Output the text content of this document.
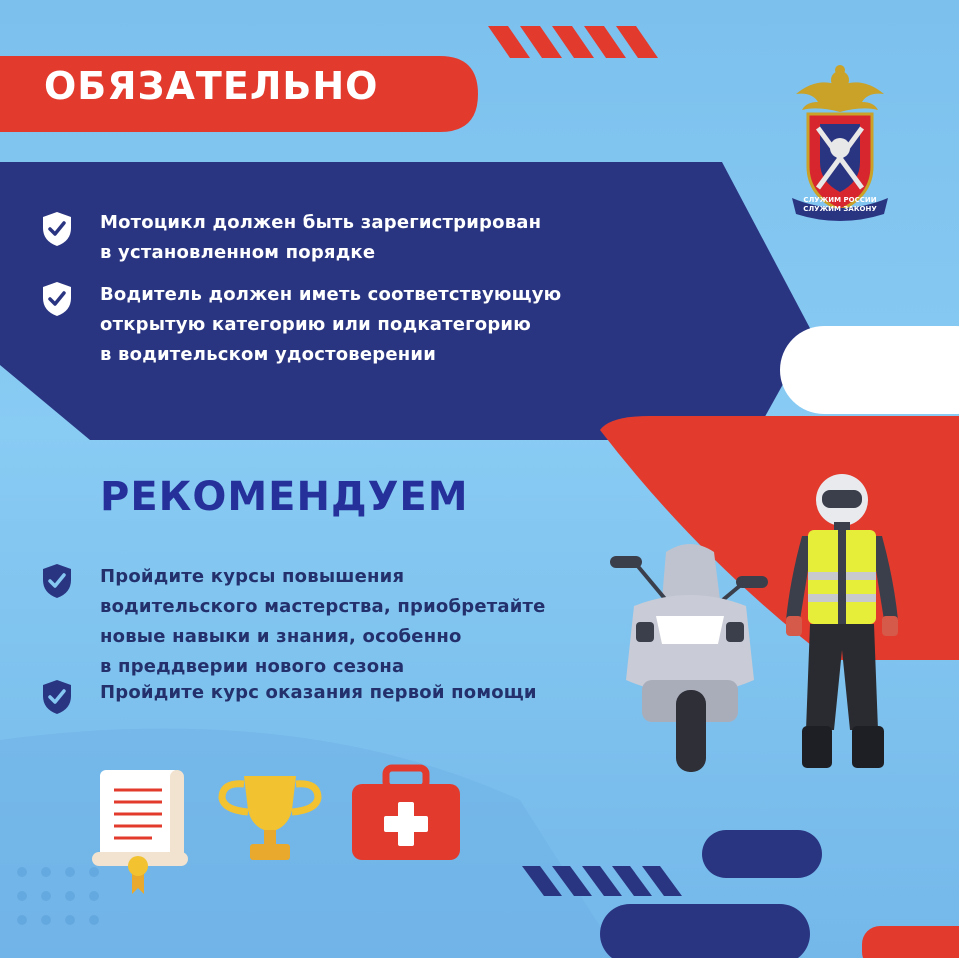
ОБЯЗАТЕЛЬНО
СЛУЖИМ РОССИИ СЛУЖИМ ЗАКОНУ
Мотоцикл должен быть зарегистрирован
в установленном порядке
Водитель должен иметь соответствующую
открытую категорию или подкатегорию
в водительском удостоверении
РЕКОМЕНДУЕМ
Пройдите курсы повышения
водительского мастерства, приобретайте
новые навыки и знания, особенно
в преддверии нового сезона
Пройдите курс оказания первой помощи
